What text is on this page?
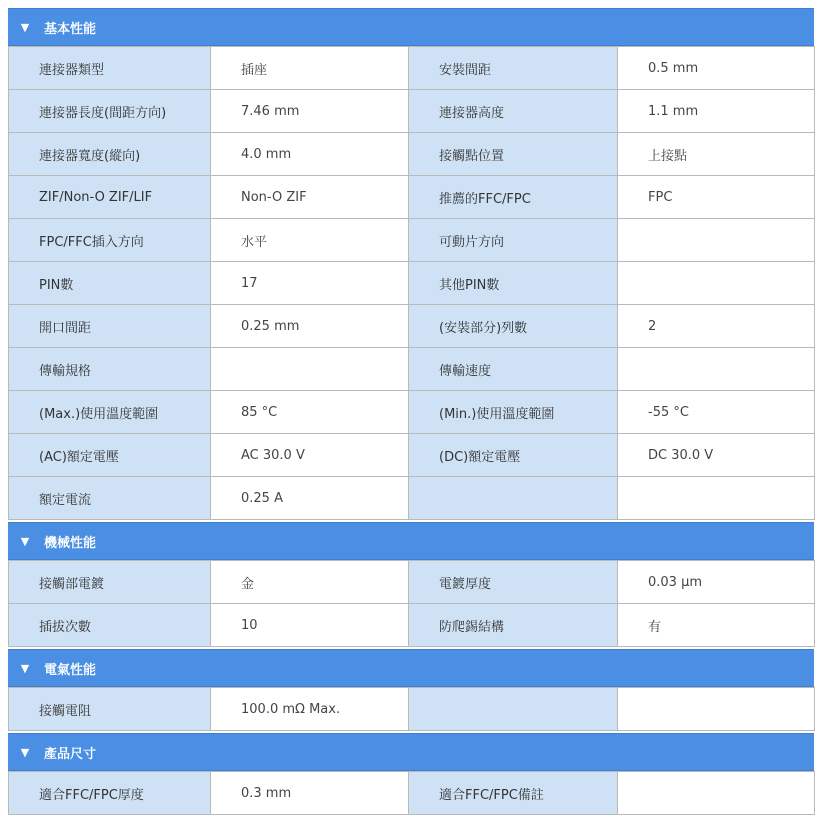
▼ 基本性能
連接器類型	插座	安裝間距	0.5 mm
連接器長度(間距方向)	7.46 mm	連接器高度	1.1 mm
連接器寬度(縱向)	4.0 mm	接觸點位置	上接點
ZIF/Non-O ZIF/LIF	Non-O ZIF	推薦的FFC/FPC	FPC
FPC/FFC插入方向	水平	可動片方向	
PIN數	17	其他PIN數	
開口間距	0.25 mm	(安裝部分)列數	2
傳輸規格		傳輸速度	
(Max.)使用溫度範圍	85 °C	(Min.)使用溫度範圍	-55 °C
(AC)額定電壓	AC 30.0 V	(DC)額定電壓	DC 30.0 V
額定電流	0.25 A		
▼ 機械性能
接觸部電鍍	金	電鍍厚度	0.03 µm
插拔次數	10	防爬錫結構	有
▼ 電氣性能
接觸電阻	100.0 mΩ Max.		
▼ 產品尺寸
適合FFC/FPC厚度	0.3 mm	適合FFC/FPC備註	
